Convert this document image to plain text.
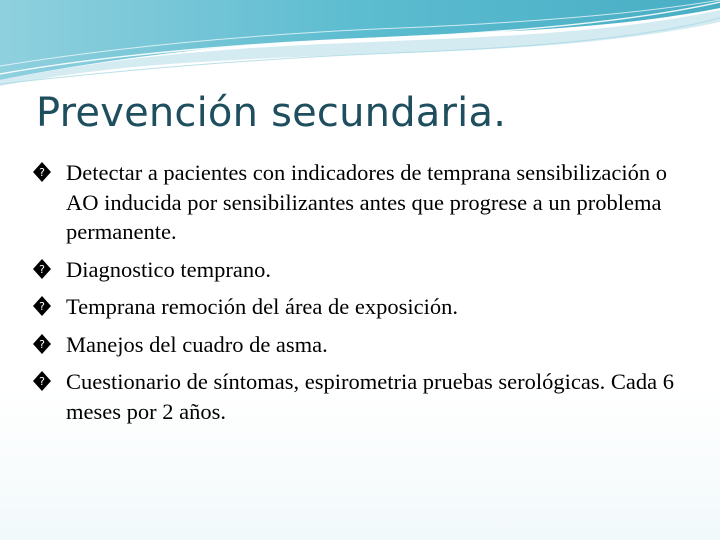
Prevención secundaria.
? Detectar a pacientes con indicadores de temprana sensibilización o AO inducida por sensibilizantes antes que progrese a un problema permanente.
? Diagnostico temprano.
? Temprana remoción del área de exposición.
? Manejos del cuadro de asma.
? Cuestionario de síntomas, espirometria pruebas serológicas. Cada 6 meses por 2 años.
